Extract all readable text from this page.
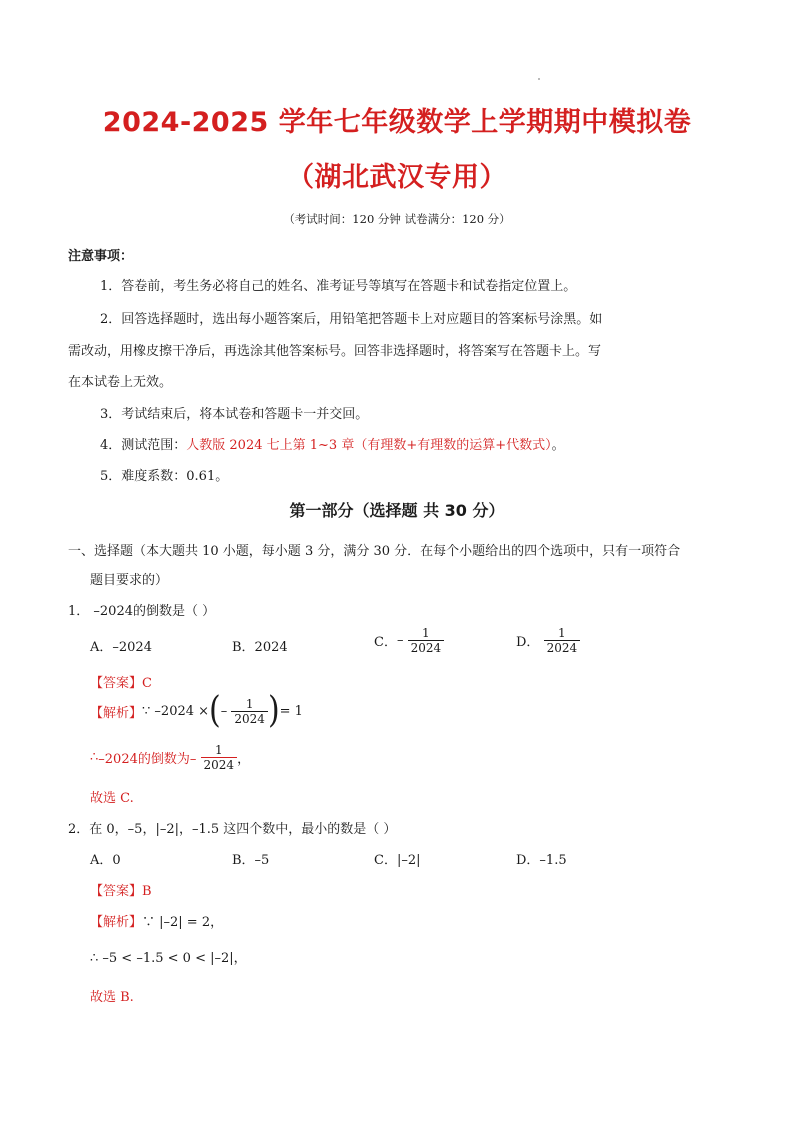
2024-2025 学年七年级数学上学期期中模拟卷
（湖北武汉专用）
（考试时间：120 分钟 试卷满分：120 分）
注意事项：
1．答卷前，考生务必将自己的姓名、准考证号等填写在答题卡和试卷指定位置上。
2．回答选择题时，选出每小题答案后，用铅笔把答题卡上对应题目的答案标号涂黑。如
需改动，用橡皮擦干净后，再选涂其他答案标号。回答非选择题时，将答案写在答题卡上。写
在本试卷上无效。
3．考试结束后，将本试卷和答题卡一并交回。
4．测试范围：人教版 2024 七上第 1~3 章（有理数+有理数的运算+代数式）。
5．难度系数：0.61。
第一部分（选择题 共 30 分）
一、选择题（本大题共 10 小题，每小题 3 分，满分 30 分．在每个小题给出的四个选项中，只有一项符合
题目要求的）
1． –2024的倒数是（ ）
A．–2024	B．2024	C．– $\frac{1}{2024}$	D． $\frac{1}{2024}$
【答案】C
【解析】∵ –2024 ×(– $\frac{1}{2024}$ )= 1
∴–2024的倒数为– $\frac{1}{2024}$ ，
故选 C.
2．在 0，–5，|–2|，–1.5 这四个数中，最小的数是（ ）
A．0	B．–5	C．|–2|	D．–1.5
【答案】B
【解析】∵ |–2| = 2，
∴ –5 < –1.5 < 0 < |–2|，
故选 B.
